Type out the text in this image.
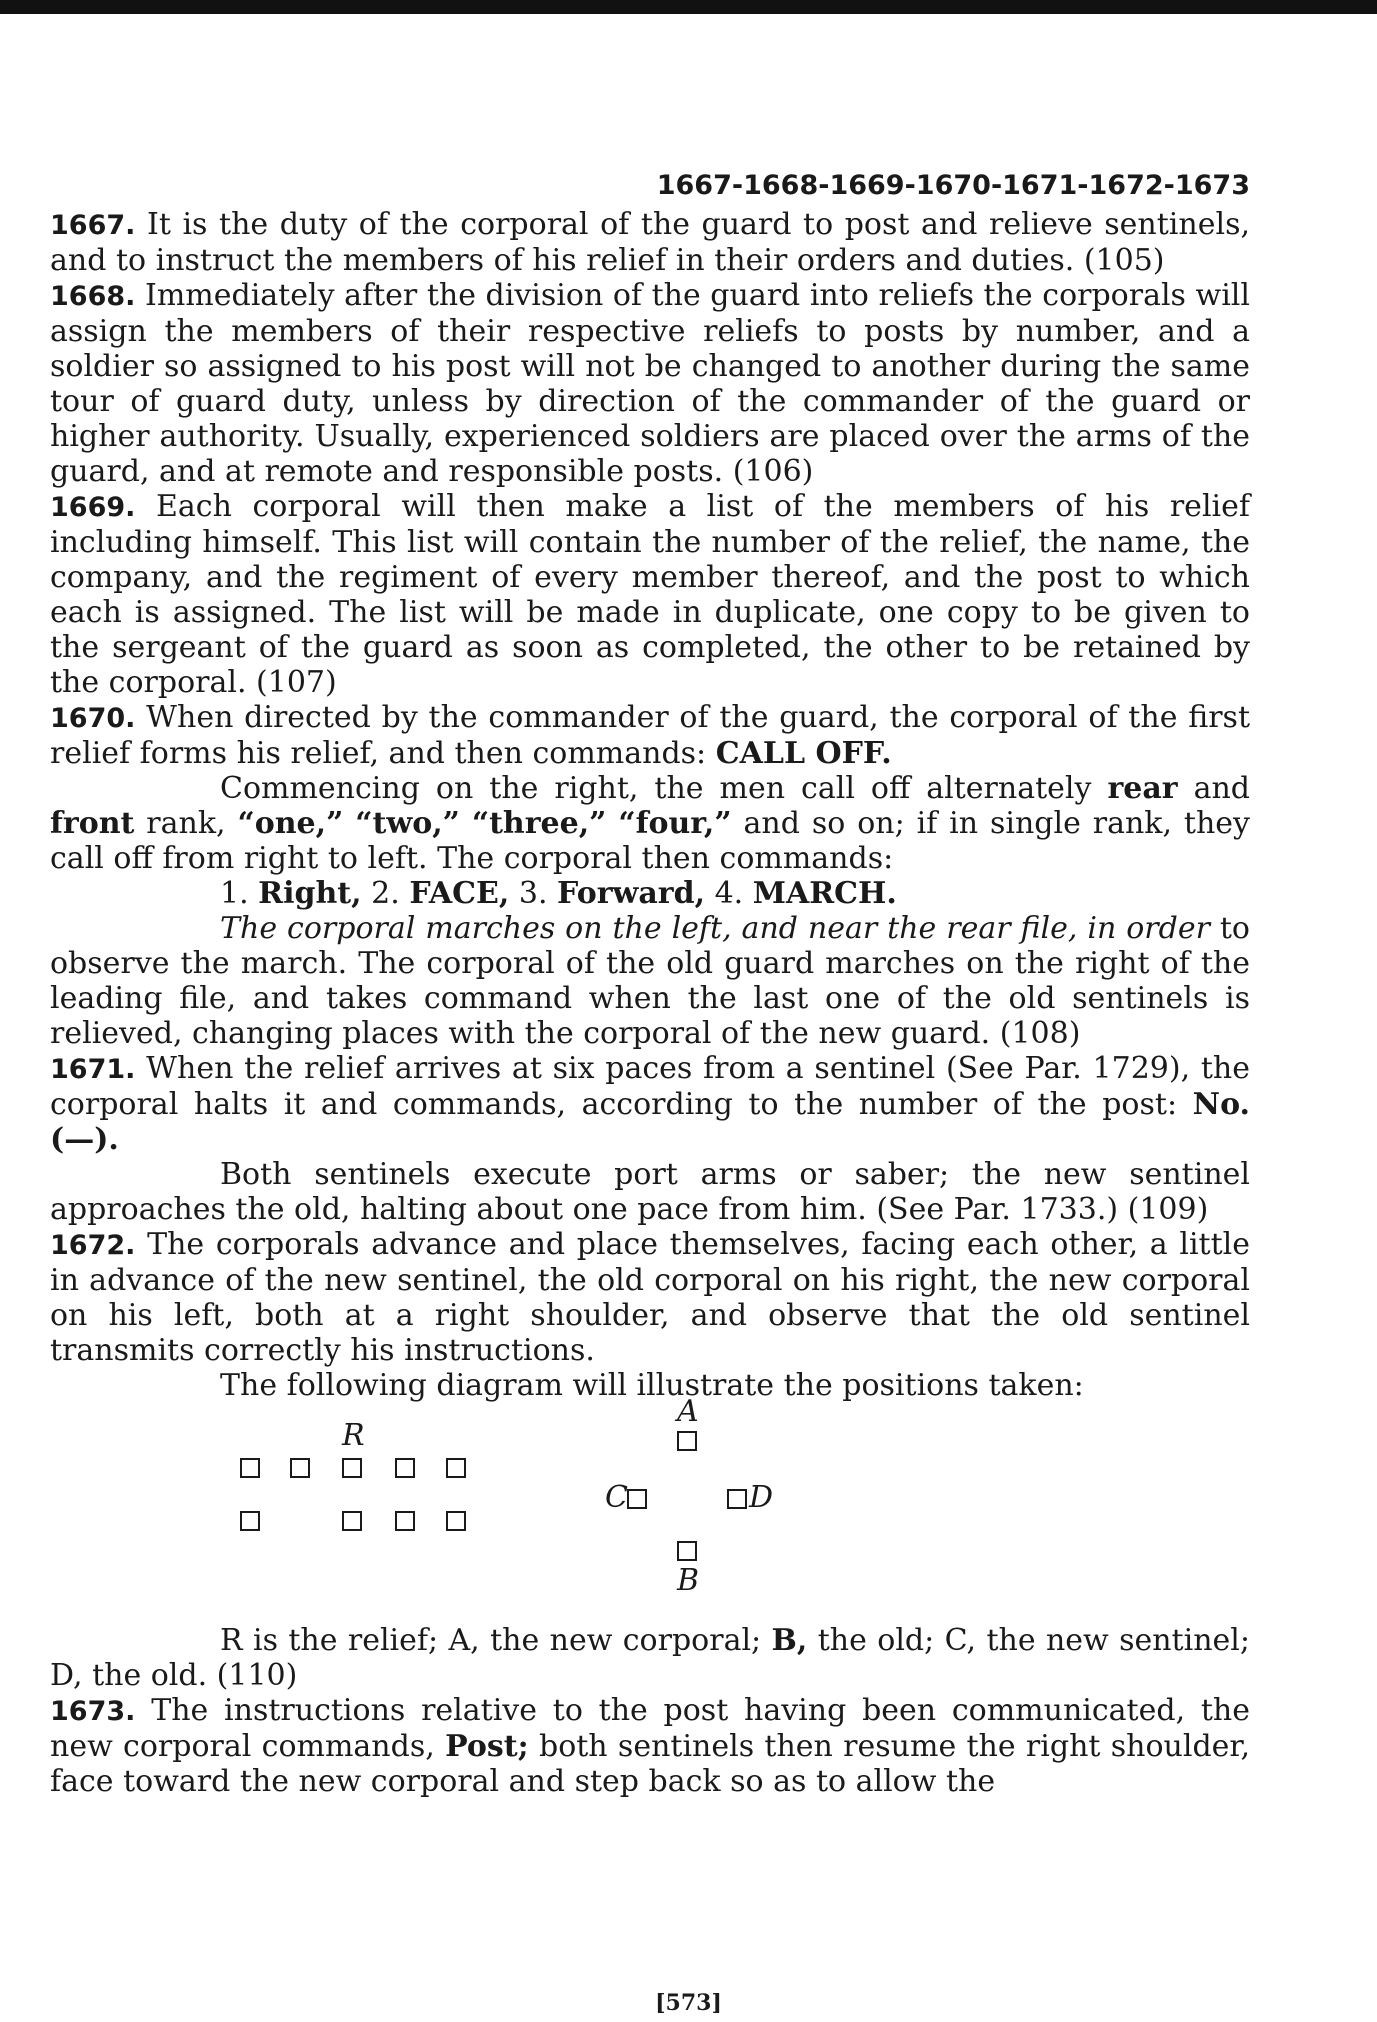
1667-1668-1669-1670-1671-1672-1673

1667. It is the duty of the corporal of the guard to post and relieve sentinels, and to instruct the members of his relief in their orders and duties. (105)

1668. Immediately after the division of the guard into reliefs the corporals will assign the members of their respective reliefs to posts by number, and a soldier so assigned to his post will not be changed to another during the same tour of guard duty, unless by direction of the commander of the guard or higher authority. Usually, experienced soldiers are placed over the arms of the guard, and at remote and responsible posts. (106)

1669. Each corporal will then make a list of the members of his relief including himself. This list will contain the number of the relief, the name, the company, and the regiment of every member thereof, and the post to which each is assigned. The list will be made in duplicate, one copy to be given to the sergeant of the guard as soon as completed, the other to be retained by the corporal. (107)

1670. When directed by the commander of the guard, the corporal of the first relief forms his relief, and then commands: CALL OFF.

Commencing on the right, the men call off alternately rear and front rank, “one,” “two,” “three,” “four,” and so on; if in single rank, they call off from right to left. The corporal then commands:

1. Right, 2. FACE, 3. Forward, 4. MARCH.

The corporal marches on the left, and near the rear file, in order to observe the march. The corporal of the old guard marches on the right of the leading file, and takes command when the last one of the old sentinels is relieved, changing places with the corporal of the new guard. (108)

1671. When the relief arrives at six paces from a sentinel (See Par. 1729), the corporal halts it and commands, according to the number of the post: No. (—).

Both sentinels execute port arms or saber; the new sentinel approaches the old, halting about one pace from him. (See Par. 1733.) (109)

1672. The corporals advance and place themselves, facing each other, a little in advance of the new sentinel, the old corporal on his right, the new corporal on his left, both at a right shoulder, and observe that the old sentinel transmits correctly his instructions.

The following diagram will illustrate the positions taken:

R
A
C	D
B

R is the relief; A, the new corporal; B, the old; C, the new sentinel; D, the old. (110)

1673. The instructions relative to the post having been communicated, the new corporal commands, Post; both sentinels then resume the right shoulder, face toward the new corporal and step back so as to allow the

[573]
